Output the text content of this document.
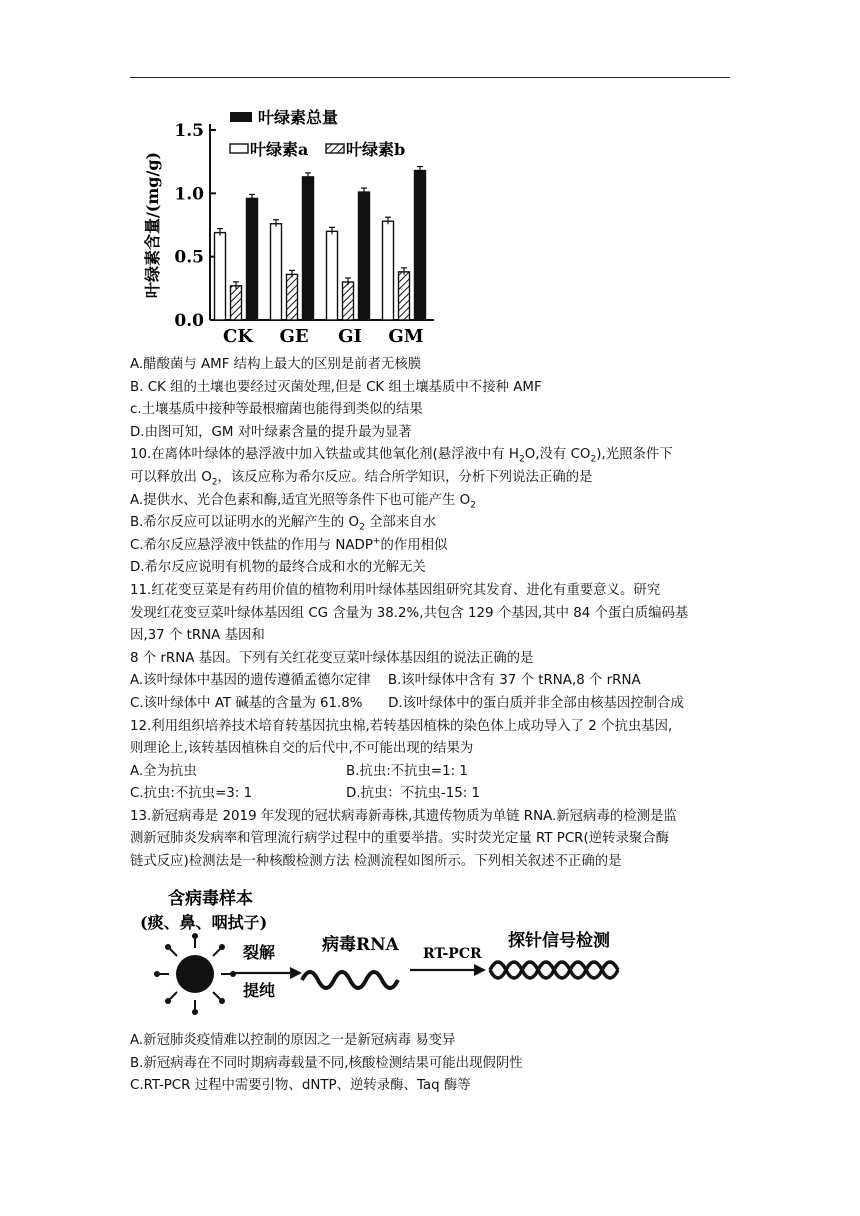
0.0
0.5
1.0
1.5
叶绿素含量/(mg/g)
CK GE GI GM
叶绿素总量
叶绿素a 叶绿素b

A.醋酸菌与 AMF 结构上最大的区别是前者无核膜

B. CK 组的土壤也要经过灭菌处理,但是 CK 组土壤基质中不接种 AMF

c.土壤基质中接种等最根瘤菌也能得到类似的结果

D.由图可知，GM 对叶绿素含量的提升最为显著

10.在离体叶绿体的悬浮液中加入铁盐或其他氧化剂(悬浮液中有 $H_2O$,没有 $CO_2$),光照条件下

可以释放出 $O_2$，该反应称为希尔反应。结合所学知识，分析下列说法正确的是

A.提供水、光合色素和酶,适宜光照等条件下也可能产生 $O_2$

B.希尔反应可以证明水的光解产生的 $O_2$ 全部来自水

C.希尔反应悬浮液中铁盐的作用与 NADP+的作用相似

D.希尔反应说明有机物的最终合成和水的光解无关

11.红花变豆菜是有药用价值的植物利用叶绿体基因组研究其发育、进化有重要意义。研究

发现红花变豆菜叶绿体基因组 CG 含量为 38.2%,共包含 129 个基因,其中 84 个蛋白质编码基

因,37 个 tRNA 基因和

8 个 rRNA 基因。下列有关红花变豆菜叶绿体基因组的说法正确的是

A.该叶绿体中基因的遗传遵循孟德尔定律 B.该叶绿体中含有 37 个 tRNA,8 个 rRNA

C.该叶绿体中 AT 碱基的含量为 61.8% D.该叶绿体中的蛋白质并非全部由核基因控制合成

12.利用组织培养技术培育转基因抗虫棉,若转基因植株的染色体上成功导入了 2 个抗虫基因,

则理论上,该转基因植株自交的后代中,不可能出现的结果为

A.全为抗虫	B.抗虫:不抗虫=1: 1

C.抗虫:不抗虫=3: 1	D.抗虫：不抗虫-15: 1

13.新冠病毒是 2019 年发现的冠状病毒新毒株,其遗传物质为单链 RNA.新冠病毒的检测是监

测新冠肺炎发病率和管理流行病学过程中的重要举措。实时荧光定量 RT PCR(逆转录聚合酶

链式反应)检测法是一种核酸检测方法 检测流程如图所示。下列相关叙述不正确的是

含病毒样本
(痰、鼻、咽拭子)
裂解
提纯
病毒RNA RT-PCR
探针信号检测

A.新冠肺炎疫情难以控制的原因之一是新冠病毒 易变异

B.新冠病毒在不同时期病毒载量不同,核酸检测结果可能出现假阴性

C.RT-PCR 过程中需要引物、dNTP、逆转录酶、Taq 酶等
